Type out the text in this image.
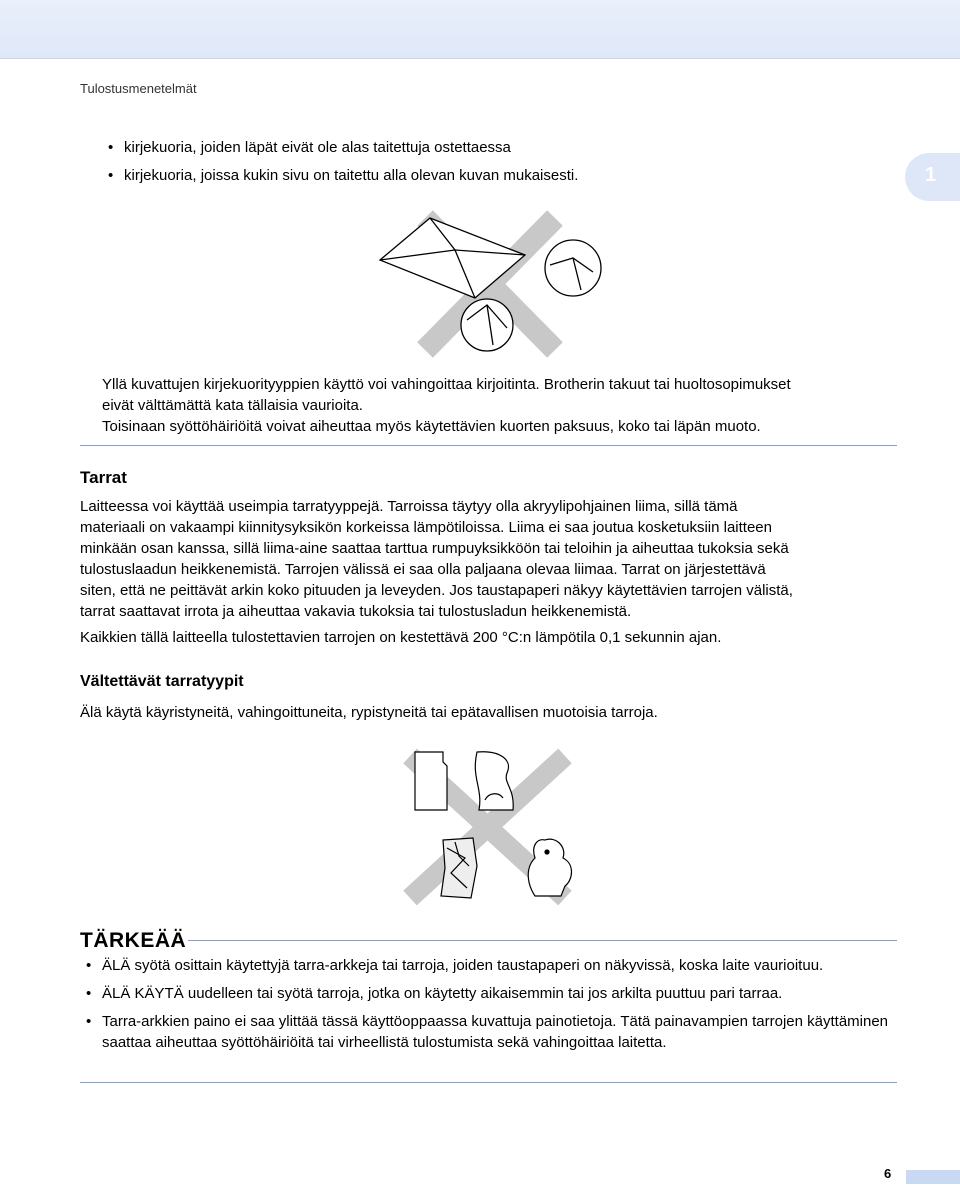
Tulostusmenetelmät
1
• kirjekuoria, joiden läpät eivät ole alas taitettuja ostettaessa
• kirjekuoria, joissa kukin sivu on taitettu alla olevan kuvan mukaisesti.

Yllä kuvattujen kirjekuorityyppien käyttö voi vahingoittaa kirjoitinta. Brotherin takuut tai huoltosopimukset
eivät välttämättä kata tällaisia vaurioita.
Toisinaan syöttöhäiriöitä voivat aiheuttaa myös käytettävien kuorten paksuus, koko tai läpän muoto.

Tarrat

Laitteessa voi käyttää useimpia tarratyyppejä. Tarroissa täytyy olla akryylipohjainen liima, sillä tämä
materiaali on vakaampi kiinnitysyksikön korkeissa lämpötiloissa. Liima ei saa joutua kosketuksiin laitteen
minkään osan kanssa, sillä liima-aine saattaa tarttua rumpuyksikköön tai teloihin ja aiheuttaa tukoksia sekä
tulostuslaadun heikkenemistä. Tarrojen välissä ei saa olla paljaana olevaa liimaa. Tarrat on järjestettävä
siten, että ne peittävät arkin koko pituuden ja leveyden. Jos taustapaperi näkyy käytettävien tarrojen välistä,
tarrat saattavat irrota ja aiheuttaa vakavia tukoksia tai tulostusladun heikkenemistä.

Kaikkien tällä laitteella tulostettavien tarrojen on kestettävä 200 °C:n lämpötila 0,1 sekunnin ajan.

Vältettävät tarratyypit

Älä käytä käyristyneitä, vahingoittuneita, rypistyneitä tai epätavallisen muotoisia tarroja.

TÄRKEÄÄ
• ÄLÄ syötä osittain käytettyjä tarra-arkkeja tai tarroja, joiden taustapaperi on näkyvissä, koska laite vaurioituu.
• ÄLÄ KÄYTÄ uudelleen tai syötä tarroja, jotka on käytetty aikaisemmin tai jos arkilta puuttuu pari tarraa.
• Tarra-arkkien paino ei saa ylittää tässä käyttöoppaassa kuvattuja painotietoja. Tätä painavampien tarrojen käyttäminen saattaa aiheuttaa syöttöhäiriöitä tai virheellistä tulostumista sekä vahingoittaa laitetta.
6
